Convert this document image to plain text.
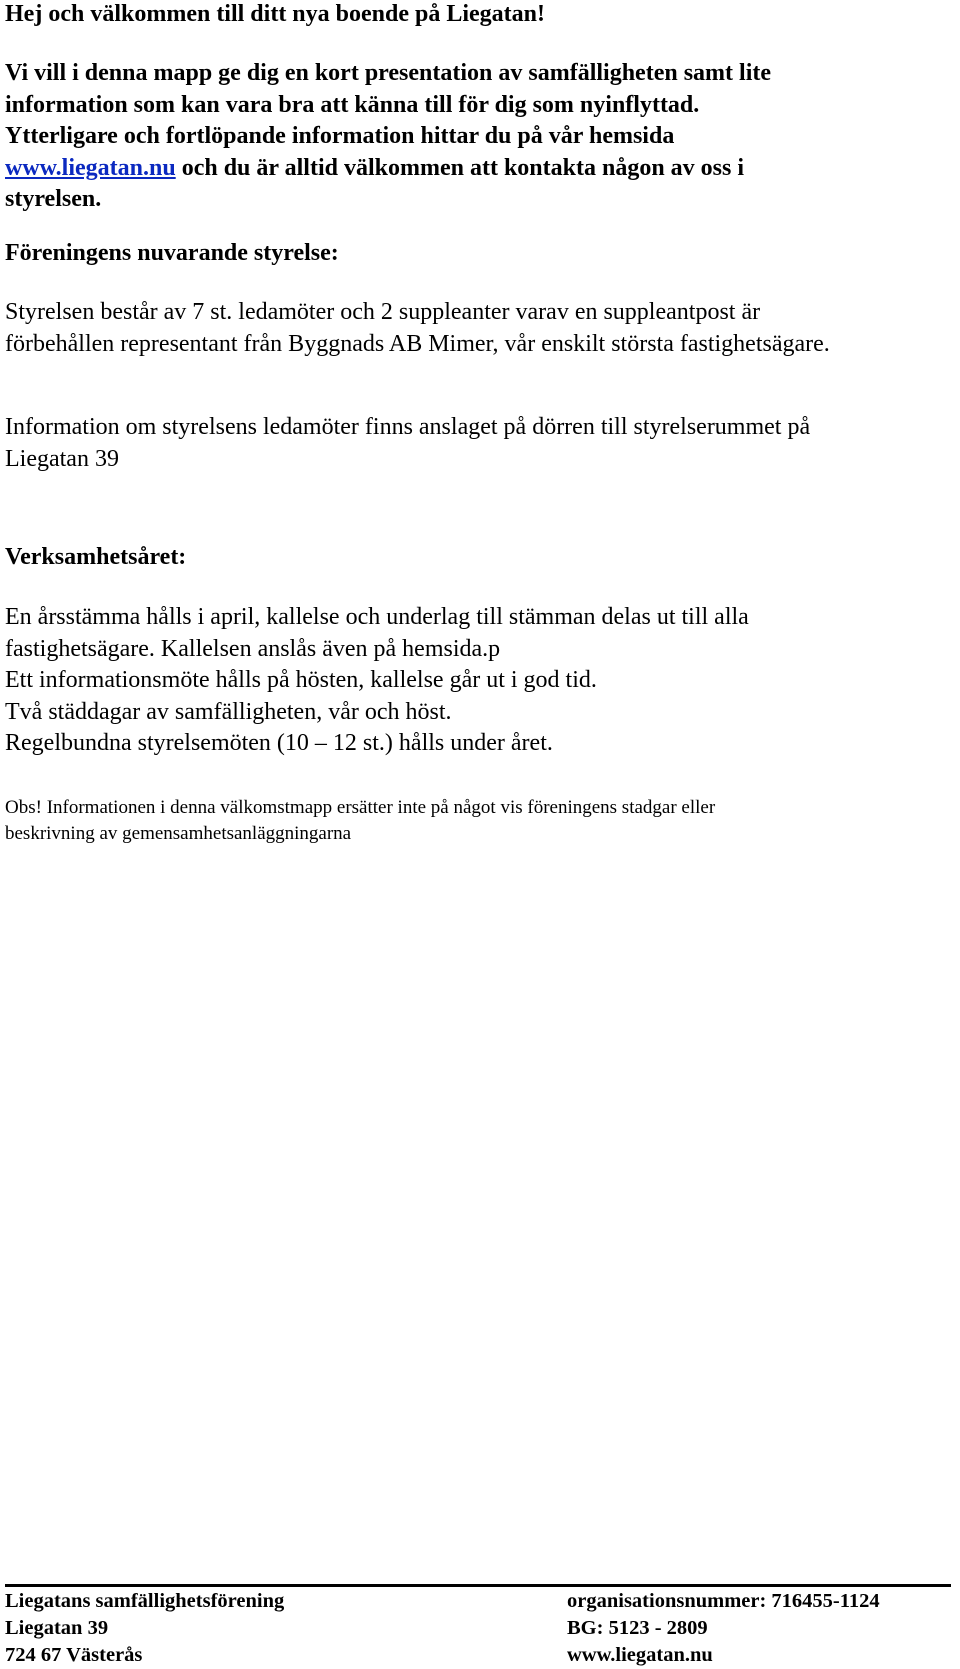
Hej och välkommen till ditt nya boende på Liegatan!

Vi vill i denna mapp ge dig en kort presentation av samfälligheten samt lite
information som kan vara bra att känna till för dig som nyinflyttad.
Ytterligare och fortlöpande information hittar du på vår hemsida
www.liegatan.nu och du är alltid välkommen att kontakta någon av oss i
styrelsen.

Föreningens nuvarande styrelse:

Styrelsen består av 7 st. ledamöter och 2 suppleanter varav en suppleantpost är
förbehållen representant från Byggnads AB Mimer, vår enskilt största fastighetsägare.

Information om styrelsens ledamöter finns anslaget på dörren till styrelserummet på
Liegatan 39

Verksamhetsåret:

En årsstämma hålls i april, kallelse och underlag till stämman delas ut till alla
fastighetsägare. Kallelsen anslås även på hemsida.p
Ett informationsmöte hålls på hösten, kallelse går ut i god tid.
Två städdagar av samfälligheten, vår och höst.
Regelbundna styrelsemöten (10 – 12 st.) hålls under året.

Obs! Informationen i denna välkomstmapp ersätter inte på något vis föreningens stadgar eller
beskrivning av gemensamhetsanläggningarna

Liegatans samfällighetsförening
Liegatan 39
724 67 Västerås
organisationsnummer: 716455-1124
BG: 5123 - 2809
www.liegatan.nu
